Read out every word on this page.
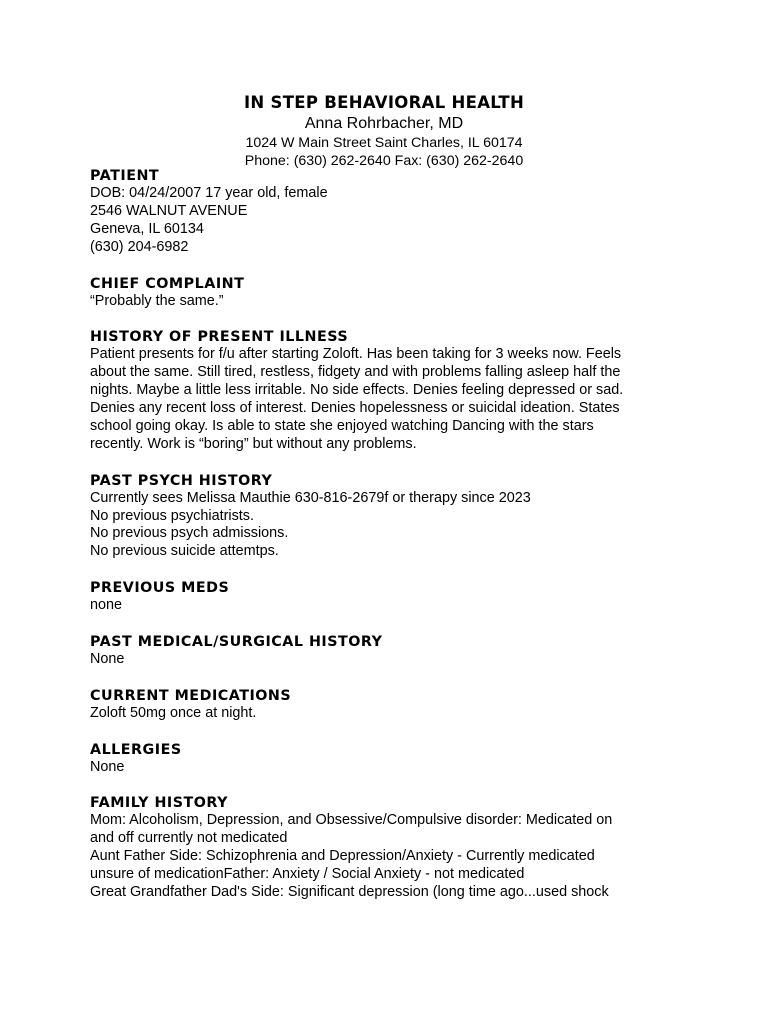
IN STEP BEHAVIORAL HEALTH
Anna Rohrbacher, MD
1024 W Main Street Saint Charles, IL 60174
Phone: (630) 262-2640 Fax: (630) 262-2640
PATIENT
DOB: 04/24/2007 17 year old, female
2546 WALNUT AVENUE
Geneva, IL 60134
(630) 204-6982
CHIEF COMPLAINT
“Probably the same.”
HISTORY OF PRESENT ILLNESS
Patient presents for f/u after starting Zoloft. Has been taking for 3 weeks now. Feels
about the same. Still tired, restless, fidgety and with problems falling asleep half the
nights. Maybe a little less irritable. No side effects. Denies feeling depressed or sad.
Denies any recent loss of interest. Denies hopelessness or suicidal ideation. States
school going okay. Is able to state she enjoyed watching Dancing with the stars
recently. Work is “boring” but without any problems.
PAST PSYCH HISTORY
Currently sees Melissa Mauthie 630-816-2679f or therapy since 2023
No previous psychiatrists.
No previous psych admissions.
No previous suicide attemtps.
PREVIOUS MEDS
none
PAST MEDICAL/SURGICAL HISTORY
None
CURRENT MEDICATIONS
Zoloft 50mg once at night.
ALLERGIES
None
FAMILY HISTORY
Mom: Alcoholism, Depression, and Obsessive/Compulsive disorder: Medicated on
and off currently not medicated
Aunt Father Side: Schizophrenia and Depression/Anxiety - Currently medicated
unsure of medicationFather: Anxiety / Social Anxiety - not medicated
Great Grandfather Dad's Side: Significant depression (long time ago...used shock
